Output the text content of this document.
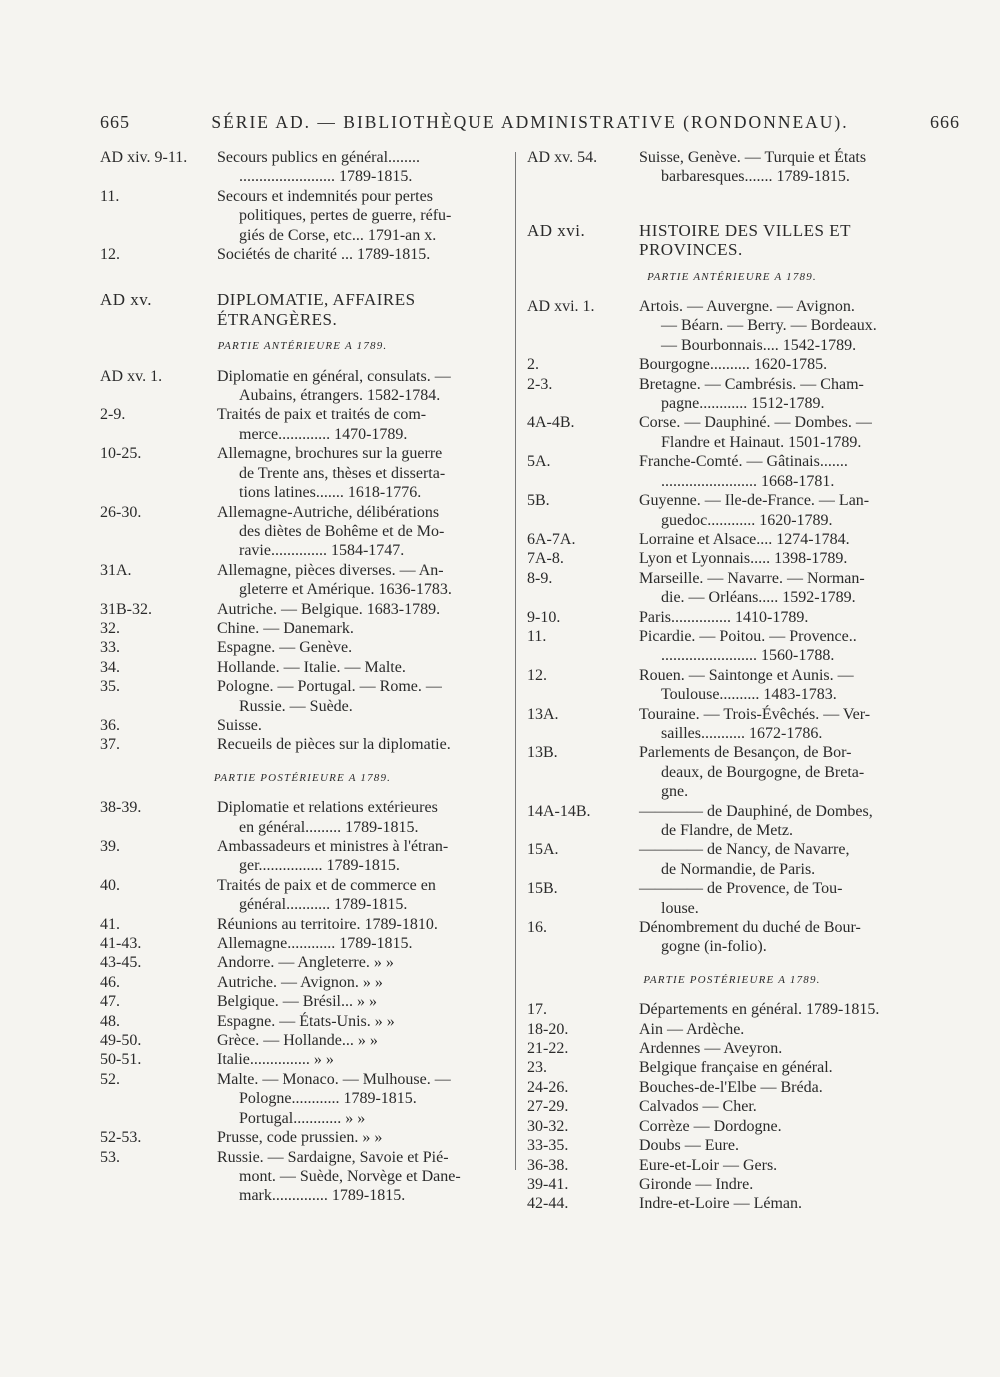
665	SÉRIE AD. — BIBLIOTHÈQUE ADMINISTRATIVE (RONDONNEAU).	666
AD xiv. 9-11.	Secours publics en général........
........................ 1789-1815.
11.	Secours et indemnités pour pertes
politiques, pertes de guerre, réfu-
giés de Corse, etc... 1791-an x.
12.	Sociétés de charité ... 1789-1815.
AD xv.	DIPLOMATIE, AFFAIRES ÉTRANGÈRES.
PARTIE ANTÉRIEURE A 1789.
AD xv. 1.	Diplomatie en général, consulats. —
Aubains, étrangers. 1582-1784.
2-9.	Traités de paix et traités de com-
merce............. 1470-1789.
10-25.	Allemagne, brochures sur la guerre
de Trente ans, thèses et disserta-
tions latines....... 1618-1776.
26-30.	Allemagne-Autriche, délibérations
des diètes de Bohême et de Mo-
ravie.............. 1584-1747.
31A.	Allemagne, pièces diverses. — An-
gleterre et Amérique. 1636-1783.
31B-32.	Autriche. — Belgique. 1683-1789.
32.	Chine. — Danemark.
33.	Espagne. — Genève.
34.	Hollande. — Italie. — Malte.
35.	Pologne. — Portugal. — Rome. —
Russie. — Suède.
36.	Suisse.
37.	Recueils de pièces sur la diplomatie.
PARTIE POSTÉRIEURE A 1789.
38-39.	Diplomatie et relations extérieures
en général......... 1789-1815.
39.	Ambassadeurs et ministres à l'étran-
ger................ 1789-1815.
40.	Traités de paix et de commerce en
général........... 1789-1815.
41.	Réunions au territoire. 1789-1810.
41-43.	Allemagne............ 1789-1815.
43-45.	Andorre. — Angleterre. » »
46.	Autriche. — Avignon. » »
47.	Belgique. — Brésil... » »
48.	Espagne. — États-Unis. » »
49-50.	Grèce. — Hollande... » »
50-51.	Italie............... » »
52.	Malte. — Monaco. — Mulhouse. —
Pologne............ 1789-1815.
Portugal............ » »
52-53.	Prusse, code prussien. » »
53.	Russie. — Sardaigne, Savoie et Pié-
mont. — Suède, Norvège et Dane-
mark.............. 1789-1815.
AD xv. 54.	Suisse, Genève. — Turquie et États
barbaresques....... 1789-1815.
AD xvi.	HISTOIRE DES VILLES ET PROVINCES.
PARTIE ANTÉRIEURE A 1789.
AD xvi. 1.	Artois. — Auvergne. — Avignon.
— Béarn. — Berry. — Bordeaux.
— Bourbonnais.... 1542-1789.
2.	Bourgogne.......... 1620-1785.
2-3.	Bretagne. — Cambrésis. — Cham-
pagne............ 1512-1789.
4A-4B.	Corse. — Dauphiné. — Dombes. —
Flandre et Hainaut. 1501-1789.
5A.	Franche-Comté. — Gâtinais.......
........................ 1668-1781.
5B.	Guyenne. — Ile-de-France. — Lan-
guedoc............ 1620-1789.
6A-7A.	Lorraine et Alsace.... 1274-1784.
7A-8.	Lyon et Lyonnais..... 1398-1789.
8-9.	Marseille. — Navarre. — Norman-
die. — Orléans..... 1592-1789.
9-10.	Paris............... 1410-1789.
11.	Picardie. — Poitou. — Provence..
........................ 1560-1788.
12.	Rouen. — Saintonge et Aunis. —
Toulouse.......... 1483-1783.
13A.	Touraine. — Trois-Évêchés. — Ver-
sailles........... 1672-1786.
13B.	Parlements de Besançon, de Bor-
deaux, de Bourgogne, de Breta-
gne.
14A-14B.	———— de Dauphiné, de Dombes,
de Flandre, de Metz.
15A.	———— de Nancy, de Navarre,
de Normandie, de Paris.
15B.	———— de Provence, de Tou-
louse.
16.	Dénombrement du duché de Bour-
gogne (in-folio).
PARTIE POSTÉRIEURE A 1789.
17.	Départements en général. 1789-1815.
18-20.	Ain — Ardèche.
21-22.	Ardennes — Aveyron.
23.	Belgique française en général.
24-26.	Bouches-de-l'Elbe — Bréda.
27-29.	Calvados — Cher.
30-32.	Corrèze — Dordogne.
33-35.	Doubs — Eure.
36-38.	Eure-et-Loir — Gers.
39-41.	Gironde — Indre.
42-44.	Indre-et-Loire — Léman.
